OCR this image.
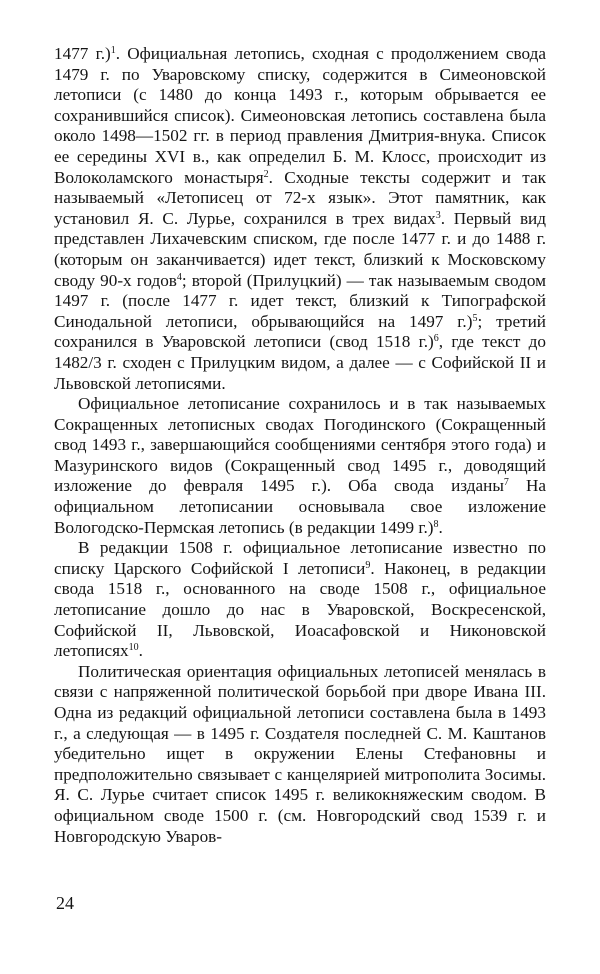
1477 г.)$^1$. Официальная летопись, сходная с продолжением свода 1479 г. по Уваровскому списку, содержится в Симеоновской летописи (с 1480 до конца 1493 г., которым обрывается ее сохранившийся список). Симеоновская летопись составлена была около 1498—1502 гг. в период правления Дмитрия-внука. Список ее середины XVI в., как определил Б. М. Клосс, происходит из Волоколамского монастыря$^2$. Сходные тексты содержит и так называемый «Летописец от 72-х язык». Этот памятник, как установил Я. С. Лурье, сохранился в трех видах$^3$. Первый вид представлен Лихачевским списком, где после 1477 г. и до 1488 г. (которым он заканчивается) идет текст, близкий к Московскому своду 90-х годов$^4$; второй (Прилуцкий) — так называемым сводом 1497 г. (после 1477 г. идет текст, близкий к Типографской Синодальной летописи, обрывающийся на 1497 г.)$^5$; третий сохранился в Уваровской летописи (свод 1518 г.)$^6$, где текст до 1482/3 г. сходен с Прилуцким видом, а далее — с Софийской II и Львовской летописями.

Официальное летописание сохранилось и в так называемых Сокращенных летописных сводах Погодинского (Сокращенный свод 1493 г., завершающийся сообщениями сентября этого года) и Мазуринского видов (Сокращенный свод 1495 г., доводящий изложение до февраля 1495 г.). Оба свода изданы$^7$ На официальном летописании основывала свое изложение Вологодско-Пермская летопись (в редакции 1499 г.)$^8$.

В редакции 1508 г. официальное летописание известно по списку Царского Софийской I летописи$^9$. Наконец, в редакции свода 1518 г., основанного на своде 1508 г., официальное летописание дошло до нас в Уваровской, Воскресенской, Софийской II, Львовской, Иоасафовской и Никоновской летописях$^{10}$.

Политическая ориентация официальных летописей менялась в связи с напряженной политической борьбой при дворе Ивана III. Одна из редакций официальной летописи составлена была в 1493 г., а следующая — в 1495 г. Создателя последней С. М. Каштанов убедительно ищет в окружении Елены Стефановны и предположительно связывает с канцелярией митрополита Зосимы. Я. С. Лурье считает список 1495 г. великокняжеским сводом. В официальном своде 1500 г. (см. Новгородский свод 1539 г. и Новгородскую Уваров-

24
